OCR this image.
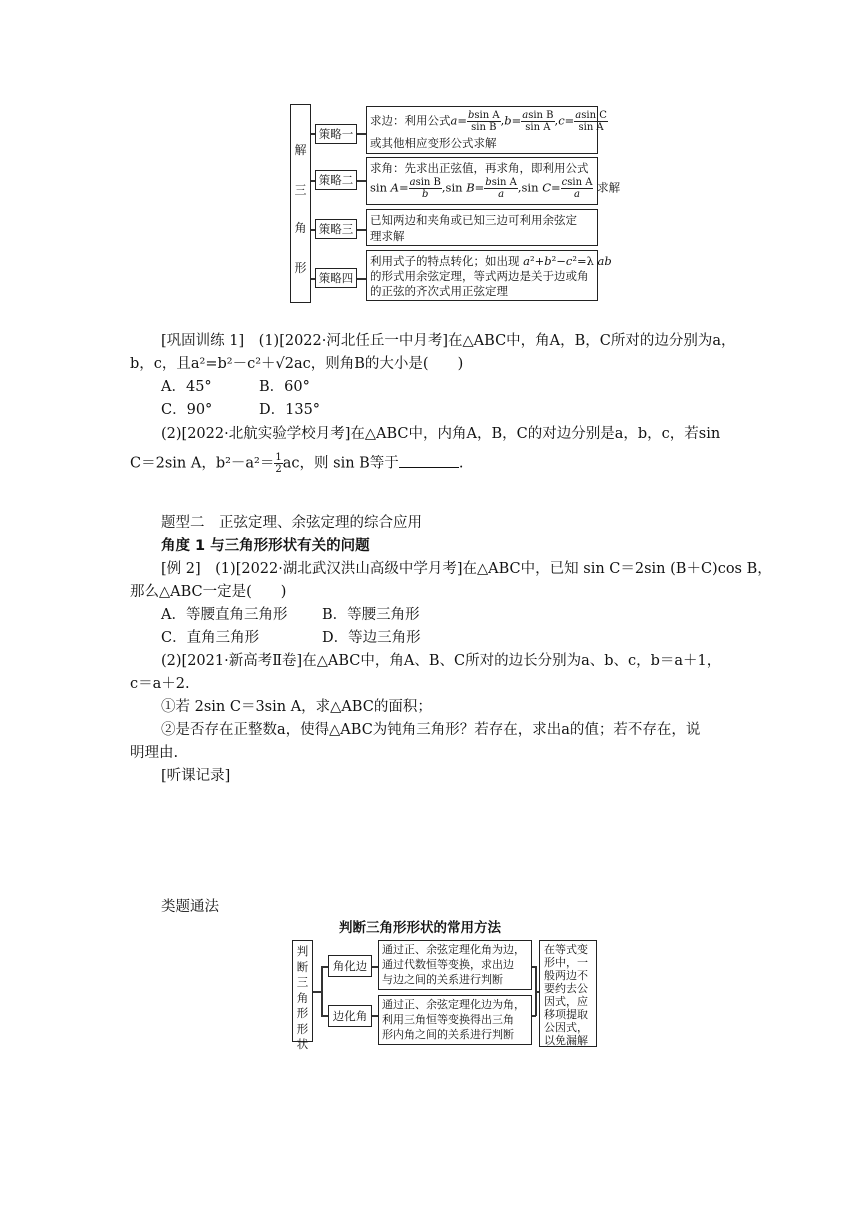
解
三
角
形
策略一
策略二
策略三
策略四
求边：利用公式$a= \frac{\text{bsin A}}{\text{sin B}} ,b= \frac{\text{asin B}}{\text{sin A}} ,c= \frac{\text{asin C}}{\text{sin A}}$
或其他相应变形公式求解
求角：先求出正弦值，再求角，即利用公式
$\sin A= \frac{\text{asin B}}{b} ,\sin$ $B= \frac{\text{bsin A}}{a} ,\sin$ $C= \frac{\text{csin A}}{a}$ 求解
已知两边和夹角或已知三边可利用余弦定
理求解
利用式子的特点转化；如出现 a²+b²−c²=λ ab
的形式用余弦定理，等式两边是关于边或角
的正弦的齐次式用正弦定理
[巩固训练 1]　 (1)[2022·河北任丘一中月考]在△ABC中，角A，B，C所对的边分别为a，
b，c，且a²=b²－c²＋√2ac，则角B的大小是(　　)
A．45°	B．60°
C．90°	D．135°
(2)[2022·北航实验学校月考]在△ABC中，内角A，B，C的对边分别是a，b，c，若sin
C＝2sin A，$b^2-a^2= \frac{1}{2}$ ac，则 sin B等于	.
题型二　正弦定理、余弦定理的综合应用
角度 1 与三角形形状有关的问题
[例 2]　(1)[2022·湖北武汉洪山高级中学月考]在△ABC中，已知 sin C＝2sin (B＋C)cos B，
那么△ABC一定是(　　)
A．等腰直角三角形 B．等腰三角形
C．直角三角形	D．等边三角形
(2)[2021·新高考Ⅱ卷]在△ABC中，角A、B、C所对的边长分别为a、b、c，b＝a＋1，
c＝a＋2.
①若 2sin C＝3sin A，求△ABC的面积；
②是否存在正整数a，使得△ABC为钝角三角形？若存在，求出a的值；若不存在，说
明理由.
[听课记录]
类题通法
判断三角形形状的常用方法
判断三角形形状
角化边
边化角
通过正、余弦定理化角为边，
通过代数恒等变换，求出边
与边之间的关系进行判断
通过正、余弦定理化边为角，
利用三角恒等变换得出三角
形内角之间的关系进行判断
在等式变
形中，一
般两边不
要约去公
因式，应
移项提取
公因式，
以免漏解
